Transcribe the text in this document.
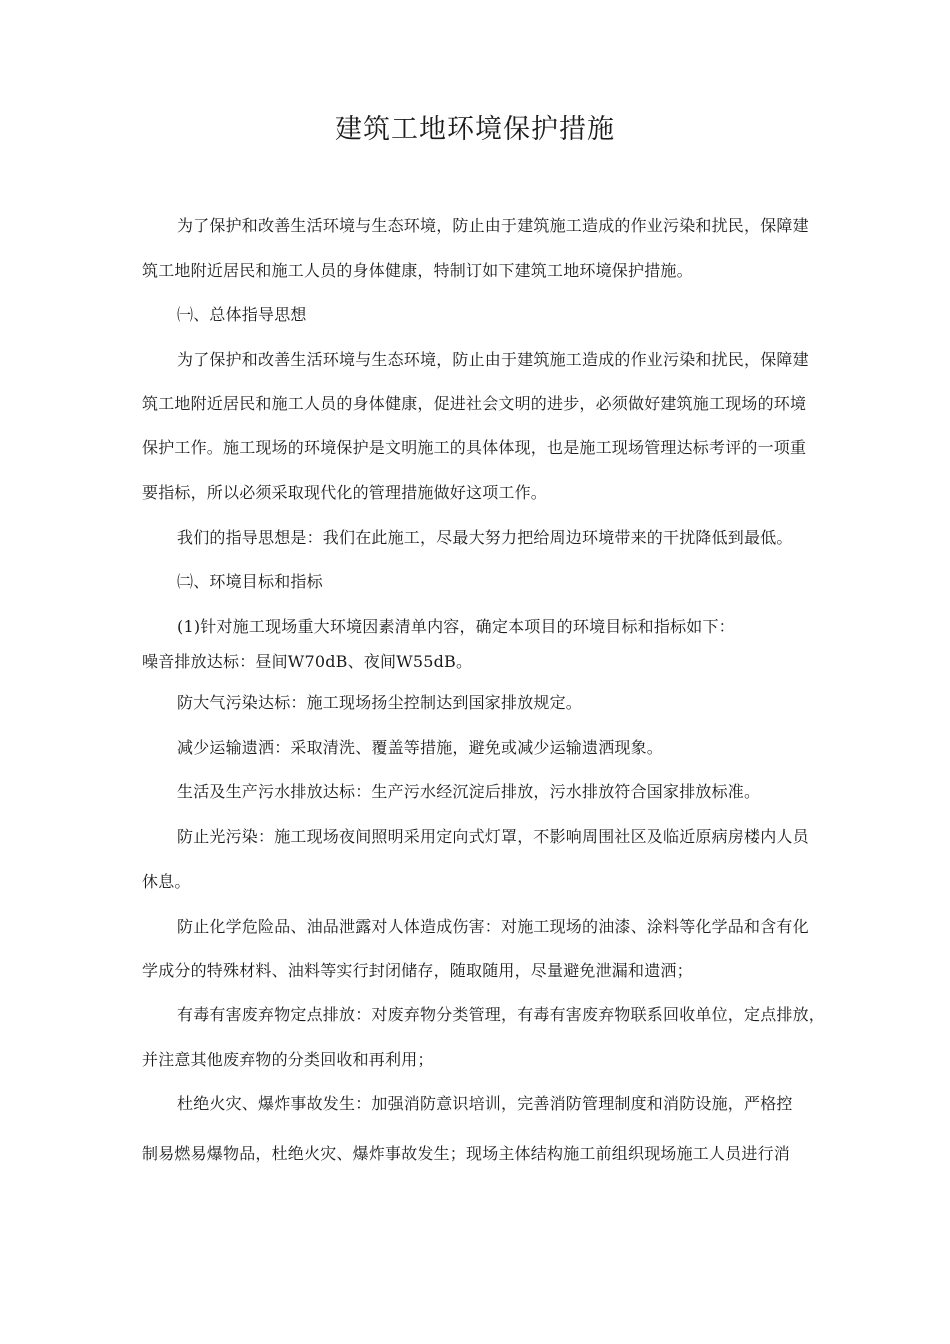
建筑工地环境保护措施
为了保护和改善生活环境与生态环境，防止由于建筑施工造成的作业污染和扰民，保障建
筑工地附近居民和施工人员的身体健康，特制订如下建筑工地环境保护措施。
㈠、总体指导思想
为了保护和改善生活环境与生态环境，防止由于建筑施工造成的作业污染和扰民，保障建
筑工地附近居民和施工人员的身体健康，促进社会文明的进步，必须做好建筑施工现场的环境
保护工作。施工现场的环境保护是文明施工的具体体现，也是施工现场管理达标考评的一项重
要指标，所以必须采取现代化的管理措施做好这项工作。
我们的指导思想是：我们在此施工，尽最大努力把给周边环境带来的干扰降低到最低。
㈡、环境目标和指标
(1)针对施工现场重大环境因素清单内容，确定本项目的环境目标和指标如下：
噪音排放达标：昼间W70dB、夜间W55dB。
防大气污染达标：施工现场扬尘控制达到国家排放规定。
减少运输遗洒：采取清洗、覆盖等措施，避免或减少运输遗洒现象。
生活及生产污水排放达标：生产污水经沉淀后排放，污水排放符合国家排放标准。
防止光污染：施工现场夜间照明采用定向式灯罩，不影响周围社区及临近原病房楼内人员
休息。
防止化学危险品、油品泄露对人体造成伤害：对施工现场的油漆、涂料等化学品和含有化
学成分的特殊材料、油料等实行封闭储存，随取随用，尽量避免泄漏和遗洒；
有毒有害废弃物定点排放：对废弃物分类管理，有毒有害废弃物联系回收单位，定点排放，
并注意其他废弃物的分类回收和再利用；
杜绝火灾、爆炸事故发生：加强消防意识培训，完善消防管理制度和消防设施，严格控
制易燃易爆物品，杜绝火灾、爆炸事故发生；现场主体结构施工前组织现场施工人员进行消
